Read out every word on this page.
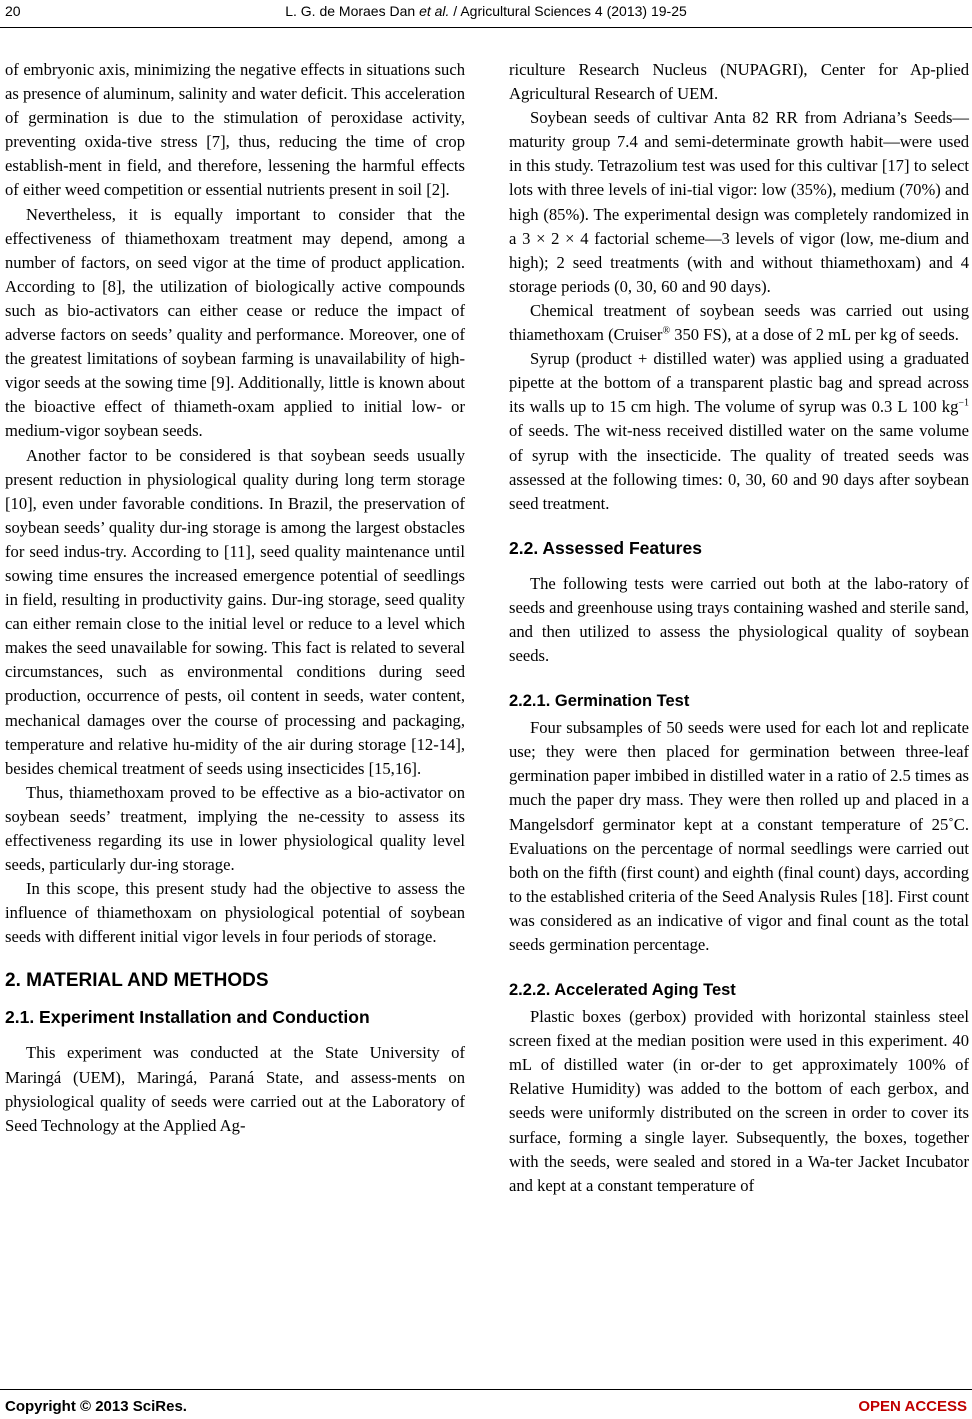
20	L. G. de Moraes Dan et al. / Agricultural Sciences 4 (2013) 19-25

of embryonic axis, minimizing the negative effects in situations such as presence of aluminum, salinity and water deficit. This acceleration of germination is due to the stimulation of peroxidase activity, preventing oxida-tive stress [7], thus, reducing the time of crop establish-ment in field, and therefore, lessening the harmful effects of either weed competition or essential nutrients present in soil [2].

Nevertheless, it is equally important to consider that the effectiveness of thiamethoxam treatment may depend, among a number of factors, on seed vigor at the time of product application. According to [8], the utilization of biologically active compounds such as bio-activators can either cease or reduce the impact of adverse factors on seeds’ quality and performance. Moreover, one of the greatest limitations of soybean farming is unavailability of high-vigor seeds at the sowing time [9]. Additionally, little is known about the bioactive effect of thiameth-oxam applied to initial low- or medium-vigor soybean seeds.

Another factor to be considered is that soybean seeds usually present reduction in physiological quality during long term storage [10], even under favorable conditions. In Brazil, the preservation of soybean seeds’ quality dur-ing storage is among the largest obstacles for seed indus-try. According to [11], seed quality maintenance until sowing time ensures the increased emergence potential of seedlings in field, resulting in productivity gains. Dur-ing storage, seed quality can either remain close to the initial level or reduce to a level which makes the seed unavailable for sowing. This fact is related to several circumstances, such as environmental conditions during seed production, occurrence of pests, oil content in seeds, water content, mechanical damages over the course of processing and packaging, temperature and relative hu-midity of the air during storage [12-14], besides chemical treatment of seeds using insecticides [15,16].

Thus, thiamethoxam proved to be effective as a bio-activator on soybean seeds’ treatment, implying the ne-cessity to assess its effectiveness regarding its use in lower physiological quality level seeds, particularly dur-ing storage.

In this scope, this present study had the objective to assess the influence of thiamethoxam on physiological potential of soybean seeds with different initial vigor levels in four periods of storage.

2. MATERIAL AND METHODS
2.1. Experiment Installation and Conduction

This experiment was conducted at the State University of Maringá (UEM), Maringá, Paraná State, and assess-ments on physiological quality of seeds were carried out at the Laboratory of Seed Technology at the Applied Ag-

riculture Research Nucleus (NUPAGRI), Center for Ap-plied Agricultural Research of UEM.

Soybean seeds of cultivar Anta 82 RR from Adriana’s Seeds—maturity group 7.4 and semi-determinate growth habit—were used in this study. Tetrazolium test was used for this cultivar [17] to select lots with three levels of ini-tial vigor: low (35%), medium (70%) and high (85%). The experimental design was completely randomized in a 3 × 2 × 4 factorial scheme—3 levels of vigor (low, me-dium and high); 2 seed treatments (with and without thiamethoxam) and 4 storage periods (0, 30, 60 and 90 days).

Chemical treatment of soybean seeds was carried out using thiamethoxam (Cruiser® 350 FS), at a dose of 2 mL per kg of seeds.

Syrup (product + distilled water) was applied using a graduated pipette at the bottom of a transparent plastic bag and spread across its walls up to 15 cm high. The volume of syrup was 0.3 L 100 $kg^{-1}$ of seeds. The wit-ness received distilled water on the same volume of syrup with the insecticide. The quality of treated seeds was assessed at the following times: 0, 30, 60 and 90 days after soybean seed treatment.

2.2. Assessed Features

The following tests were carried out both at the labo-ratory of seeds and greenhouse using trays containing washed and sterile sand, and then utilized to assess the physiological quality of soybean seeds.

2.2.1. Germination Test

Four subsamples of 50 seeds were used for each lot and replicate use; they were then placed for germination between three-leaf germination paper imbibed in distilled water in a ratio of 2.5 times as much the paper dry mass. They were then rolled up and placed in a Mangelsdorf germinator kept at a constant temperature of 25˚C. Evaluations on the percentage of normal seedlings were carried out both on the fifth (first count) and eighth (final count) days, according to the established criteria of the Seed Analysis Rules [18]. First count was considered as an indicative of vigor and final count as the total seeds germination percentage.

2.2.2. Accelerated Aging Test

Plastic boxes (gerbox) provided with horizontal stainless steel screen fixed at the median position were used in this experiment. 40 mL of distilled water (in or-der to get approximately 100% of Relative Humidity) was added to the bottom of each gerbox, and seeds were uniformly distributed on the screen in order to cover its surface, forming a single layer. Subsequently, the boxes, together with the seeds, were sealed and stored in a Wa-ter Jacket Incubator and kept at a constant temperature of

Copyright © 2013 SciRes.	OPEN ACCESS
